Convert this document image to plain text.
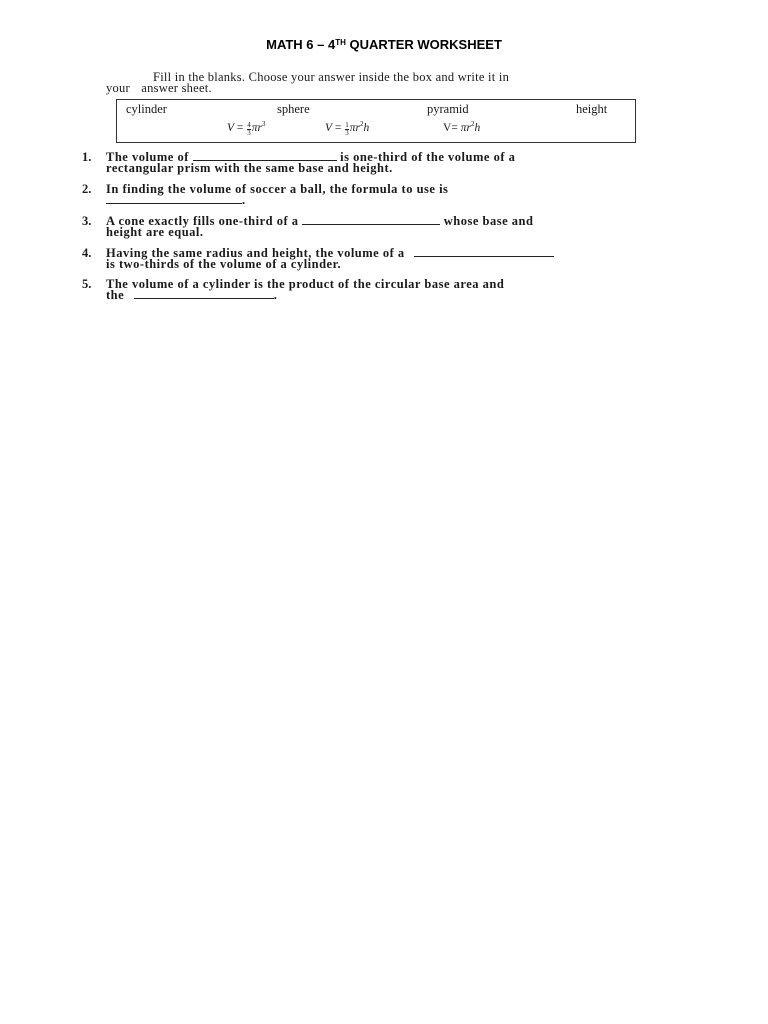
MATH 6 – 4TH QUARTER WORKSHEET
Fill in the blanks. Choose your answer inside the box and write it in
your answer sheet.
cylinder	sphere	pyramid	height
$V = \frac{4}{3} \pi r^3$	$V = \frac{1}{3} \pi r^2h$	$V= \pi r^2h$
1. The volume of	is one-third of the volume of a
rectangular prism with the same base and height.
2. In finding the volume of soccer a ball, the formula to use is
.
3. A cone exactly fills one-third of a	whose base and
height are equal.
4. Having the same radius and height, the volume of a
is two-thirds of the volume of a cylinder.
5. The volume of a cylinder is the product of the circular base area and
the	.
